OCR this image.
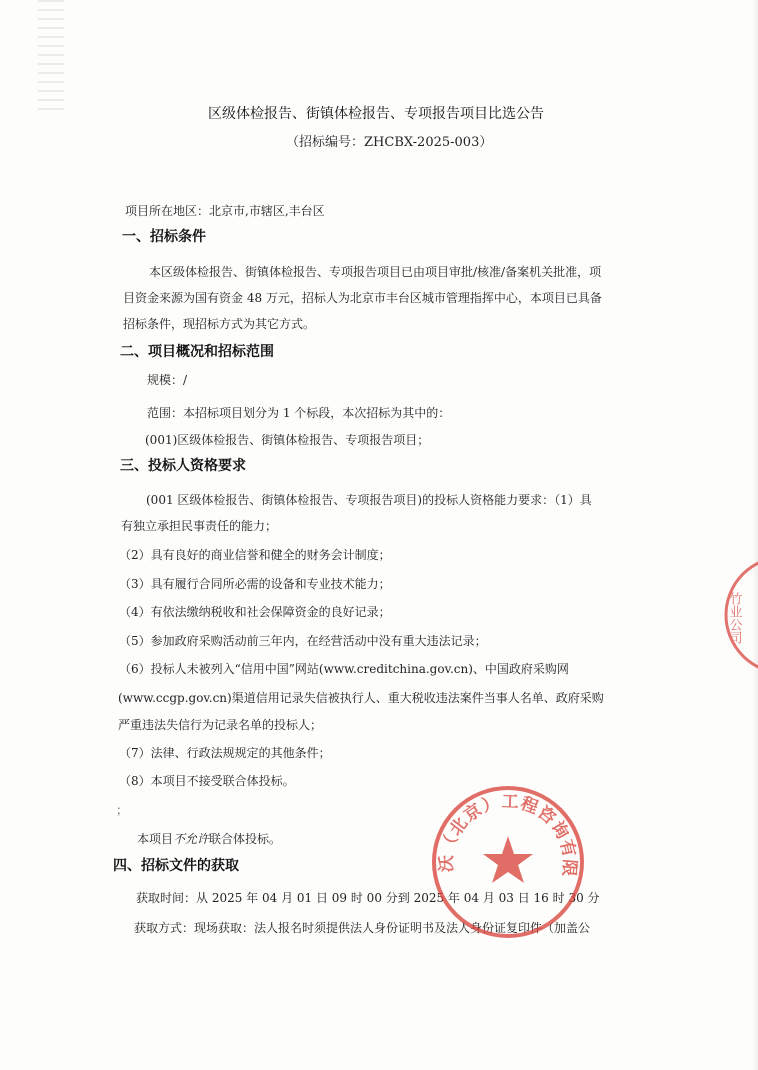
区级体检报告、街镇体检报告、专项报告项目比选公告
（招标编号：ZHCBX-2025-003）
项目所在地区：北京市,市辖区,丰台区
一、招标条件
本区级体检报告、街镇体检报告、专项报告项目已由项目审批/核准/备案机关批准，项
目资金来源为国有资金 48 万元，招标人为北京市丰台区城市管理指挥中心，本项目已具备
招标条件，现招标方式为其它方式。
二、项目概况和招标范围
规模：/
范围：本招标项目划分为 1 个标段，本次招标为其中的：
(001)区级体检报告、街镇体检报告、专项报告项目；
三、投标人资格要求
(001 区级体检报告、街镇体检报告、专项报告项目)的投标人资格能力要求：（1）具
有独立承担民事责任的能力；
（2）具有良好的商业信誉和健全的财务会计制度；
（3）具有履行合同所必需的设备和专业技术能力；
（4）有依法缴纳税收和社会保障资金的良好记录；
（5）参加政府采购活动前三年内，在经营活动中没有重大违法记录；
（6）投标人未被列入“信用中国”网站(www.creditchina.gov.cn)、中国政府采购网
(www.ccgp.gov.cn)渠道信用记录失信被执行人、重大税收违法案件当事人名单、政府采购
严重违法失信行为记录名单的投标人；
（7）法律、行政法规规定的其他条件；
（8）本项目不接受联合体投标。
；
本项目不允许联合体投标。
四、招标文件的获取
获取时间：从 2025 年 04 月 01 日 09 时 00 分到 2025 年 04 月 03 日 16 时 30 分
获取方式：现场获取：法人报名时须提供法人身份证明书及法人身份证复印件（加盖公
沃（北京）工程咨询有限
竹业公司
